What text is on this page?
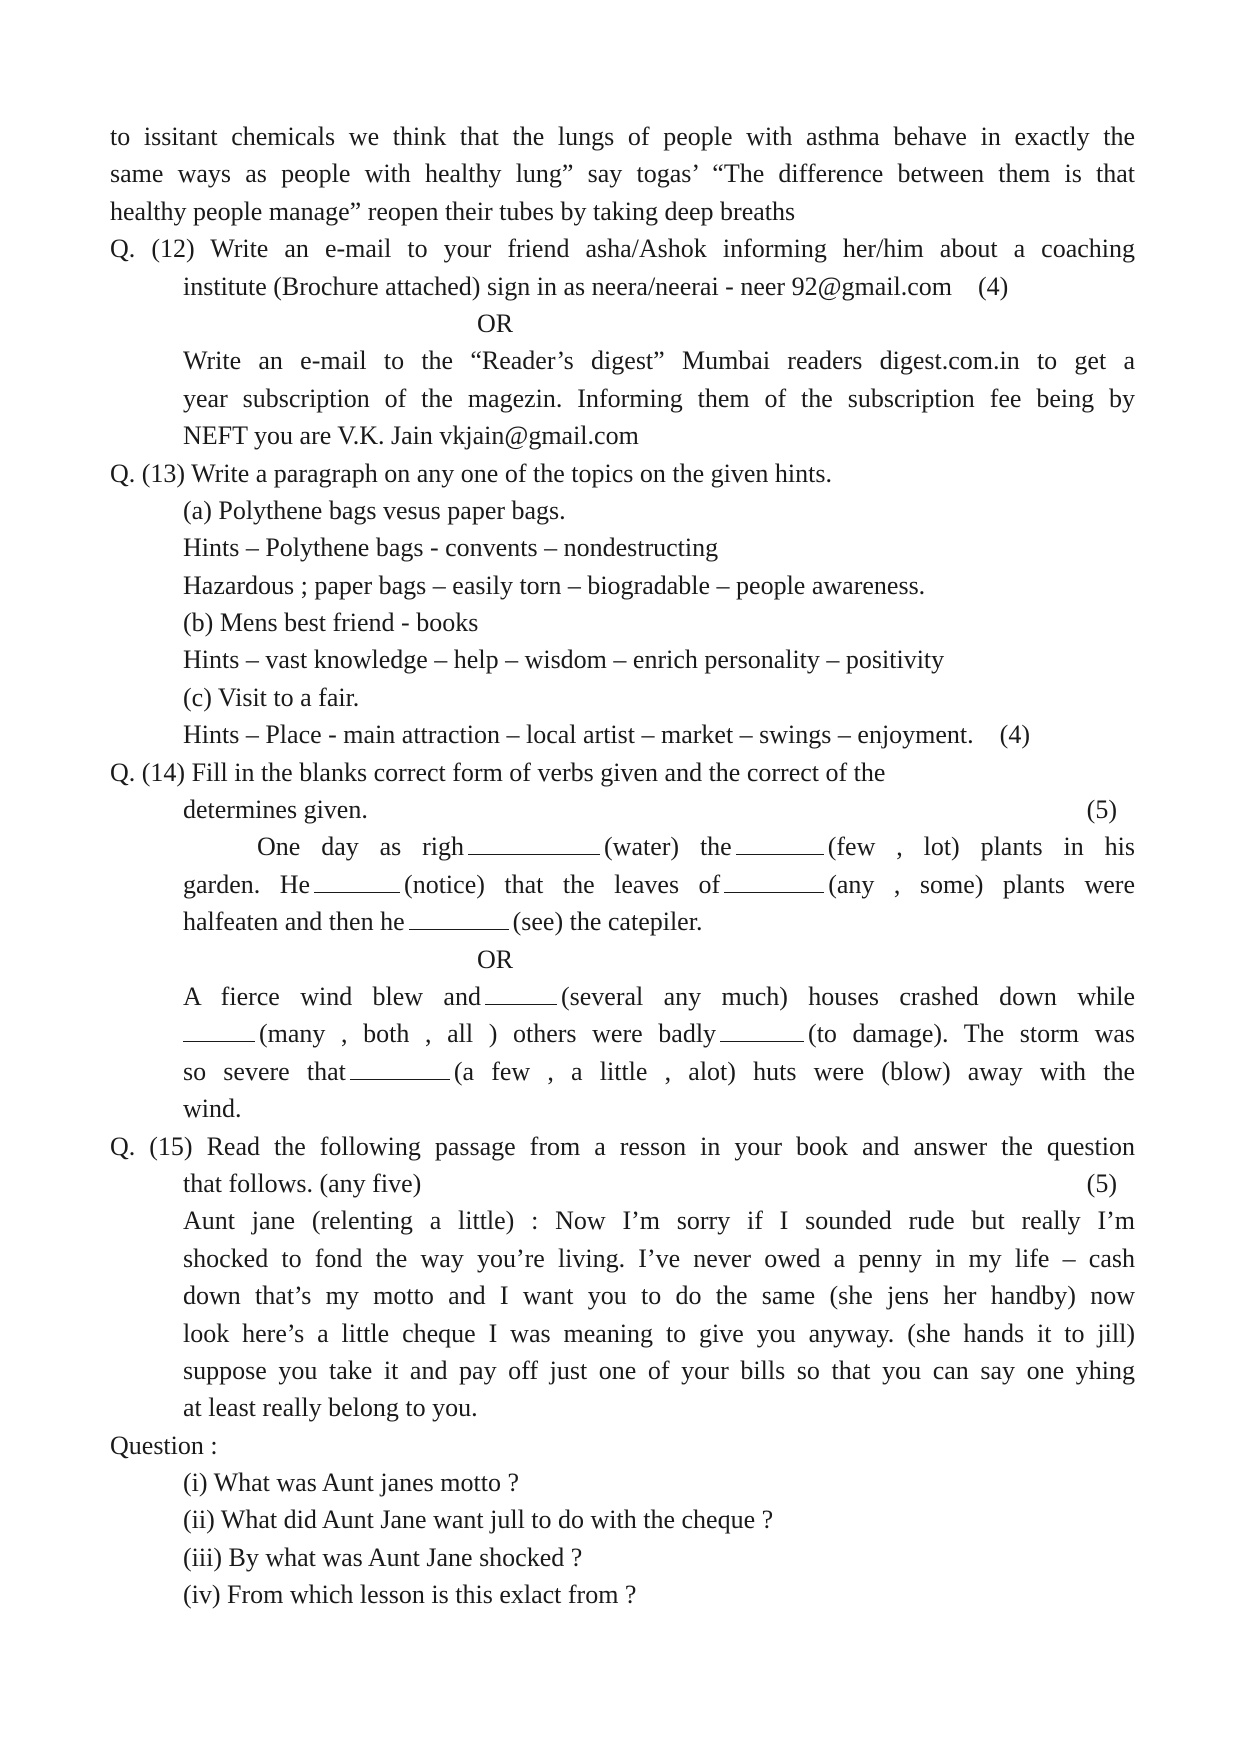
to issitant chemicals we think that the lungs of people with asthma behave in exactly the
same ways as people with healthy lung” say togas’ “The difference between them is that
healthy people manage” reopen their tubes by taking deep breaths
Q. (12) Write an e-mail to your friend asha/Ashok informing her/him about a coaching
institute (Brochure attached) sign in as neera/neerai - neer 92@gmail.com (4)
OR
Write an e-mail to the “Reader’s digest” Mumbai readers digest.com.in to get a
year subscription of the magezin. Informing them of the subscription fee being by
NEFT you are V.K. Jain vkjain@gmail.com
Q. (13) Write a paragraph on any one of the topics on the given hints.
(a) Polythene bags vesus paper bags.
Hints – Polythene bags - convents – nondestructing
Hazardous ; paper bags – easily torn – biogradable – people awareness.
(b) Mens best friend - books
Hints – vast knowledge – help – wisdom – enrich personality – positivity
(c) Visit to a fair.
Hints – Place - main attraction – local artist – market – swings – enjoyment. (4)
Q. (14) Fill in the blanks correct form of verbs given and the correct of the
determines given.	(5)
One day as righ	(water) the	(few , lot) plants in his
garden. He	(notice) that the leaves of	(any , some) plants were
halfeaten and then he	(see) the catepiler.
OR
A fierce wind blew and	(several any much) houses crashed down while
(many , both , all ) others were badly	(to damage). The storm was
so severe that	(a few , a little , alot) huts were (blow) away with the
wind.
Q. (15) Read the following passage from a resson in your book and answer the question
that follows. (any five)	(5)
Aunt jane (relenting a little) : Now I’m sorry if I sounded rude but really I’m
shocked to fond the way you’re living. I’ve never owed a penny in my life – cash
down that’s my motto and I want you to do the same (she jens her handby) now
look here’s a little cheque I was meaning to give you anyway. (she hands it to jill)
suppose you take it and pay off just one of your bills so that you can say one yhing
at least really belong to you.
Question :
(i) What was Aunt janes motto ?
(ii) What did Aunt Jane want jull to do with the cheque ?
(iii) By what was Aunt Jane shocked ?
(iv) From which lesson is this exlact from ?
